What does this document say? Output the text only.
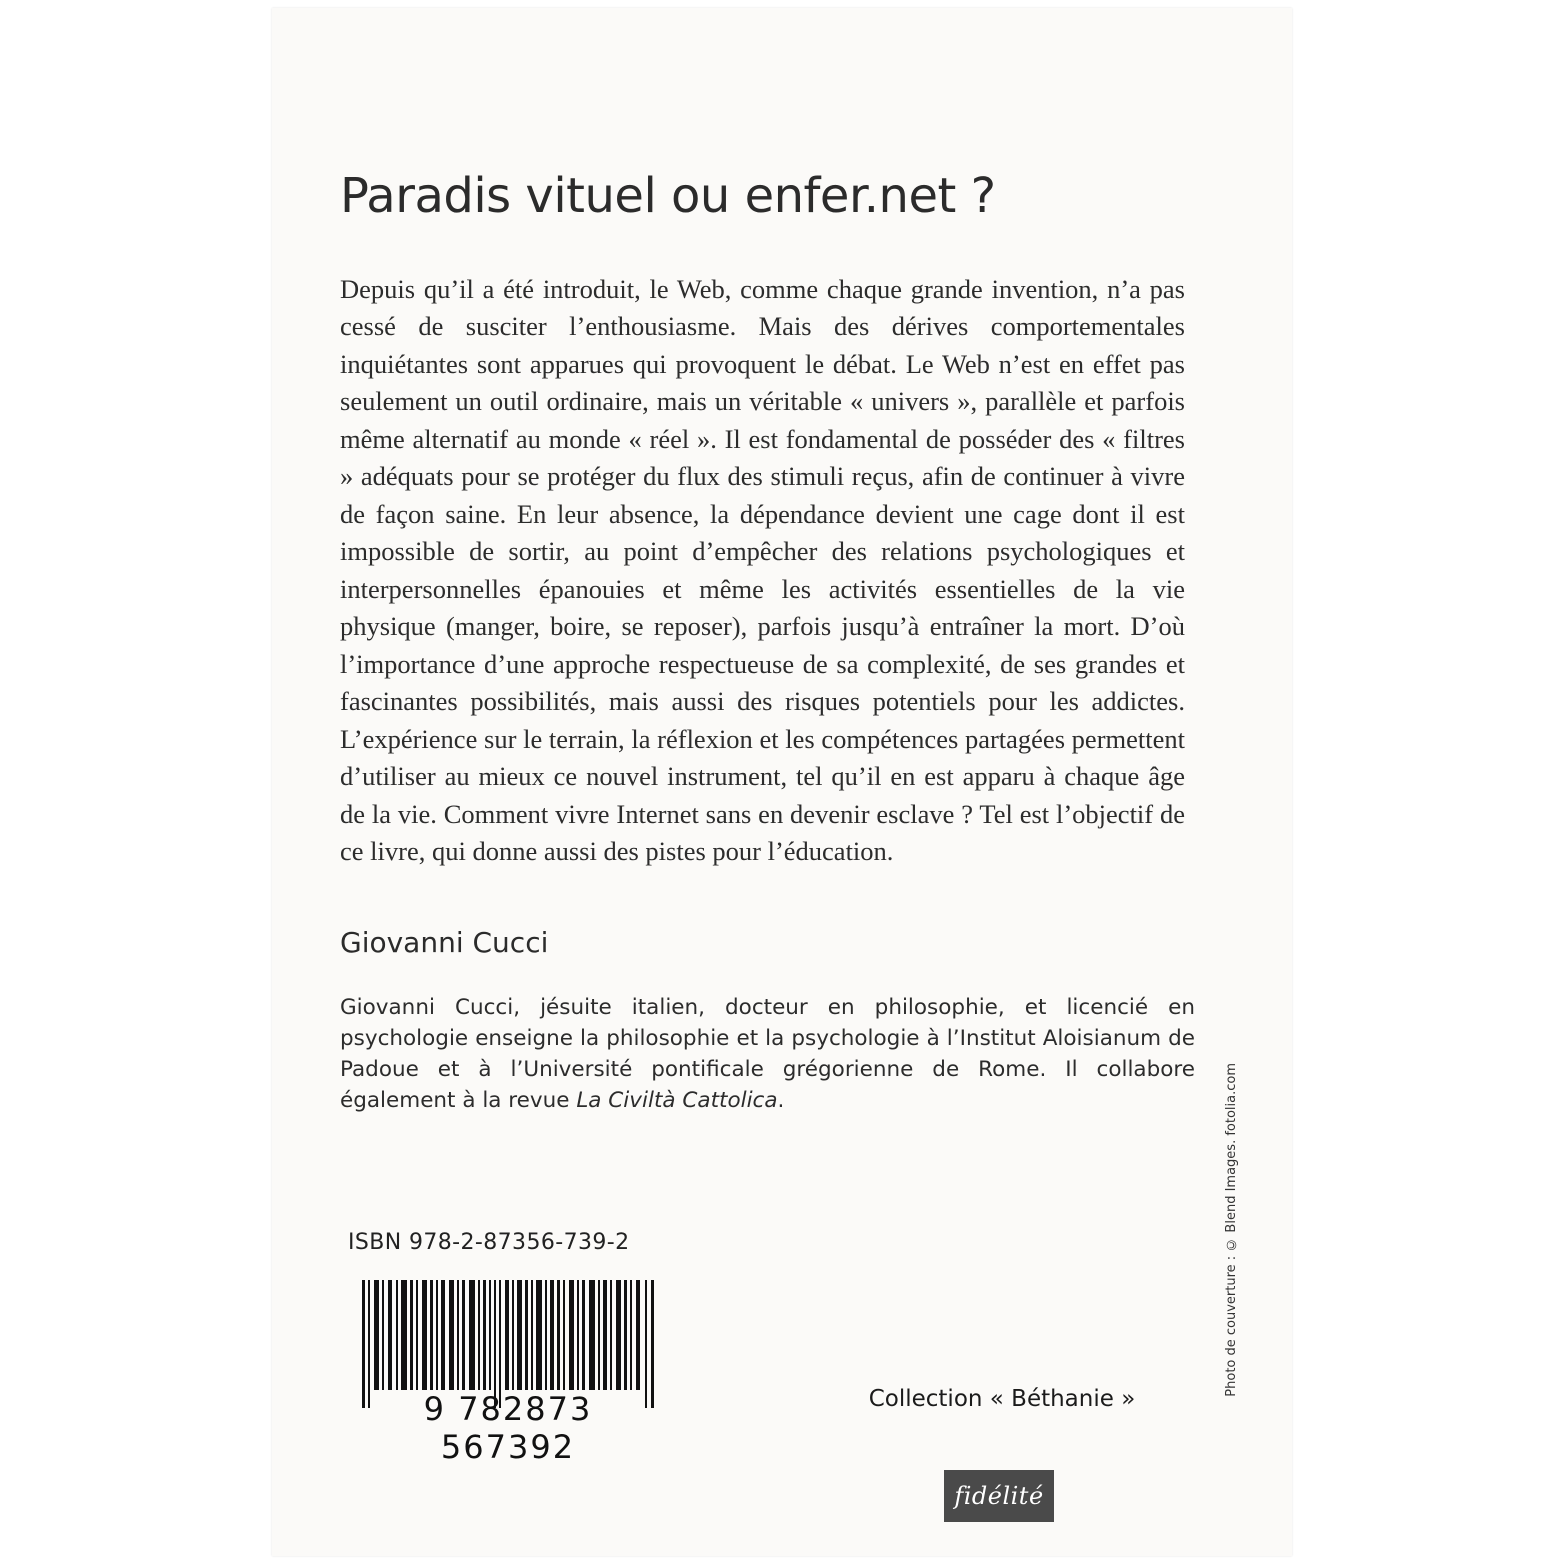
Paradis vituel ou enfer.net ?

Depuis qu’il a été introduit, le Web, comme chaque grande invention, n’a pas cessé de susciter l’enthousiasme. Mais des dérives comportementales inquiétantes sont apparues qui provoquent le débat. Le Web n’est en effet pas seulement un outil ordinaire, mais un véritable « univers », parallèle et parfois même alternatif au monde « réel ». Il est fondamental de posséder des « filtres » adéquats pour se protéger du flux des stimuli reçus, afin de continuer à vivre de façon saine. En leur absence, la dépendance devient une cage dont il est impossible de sortir, au point d’empêcher des relations psychologiques et interpersonnelles épanouies et même les activités essentielles de la vie physique (manger, boire, se reposer), parfois jusqu’à entraîner la mort. D’où l’importance d’une approche respectueuse de sa complexité, de ses grandes et fascinantes possibilités, mais aussi des risques potentiels pour les addictes. L’expérience sur le terrain, la réflexion et les compétences partagées permettent d’utiliser au mieux ce nouvel instrument, tel qu’il en est apparu à chaque âge de la vie. Comment vivre Internet sans en devenir esclave ? Tel est l’objectif de ce livre, qui donne aussi des pistes pour l’éducation.

Giovanni Cucci

Giovanni Cucci, jésuite italien, docteur en philosophie, et licencié en psychologie enseigne la philosophie et la psychologie à l’Institut Aloisianum de Padoue et à l’Université pontificale grégorienne de Rome. Il collabore également à la revue La Civiltà Cattolica.

ISBN 978-2-87356-739-2
9 782873 567392
Collection « Béthanie »
fidélité
Photo de couverture : © Blend Images. fotolia.com
